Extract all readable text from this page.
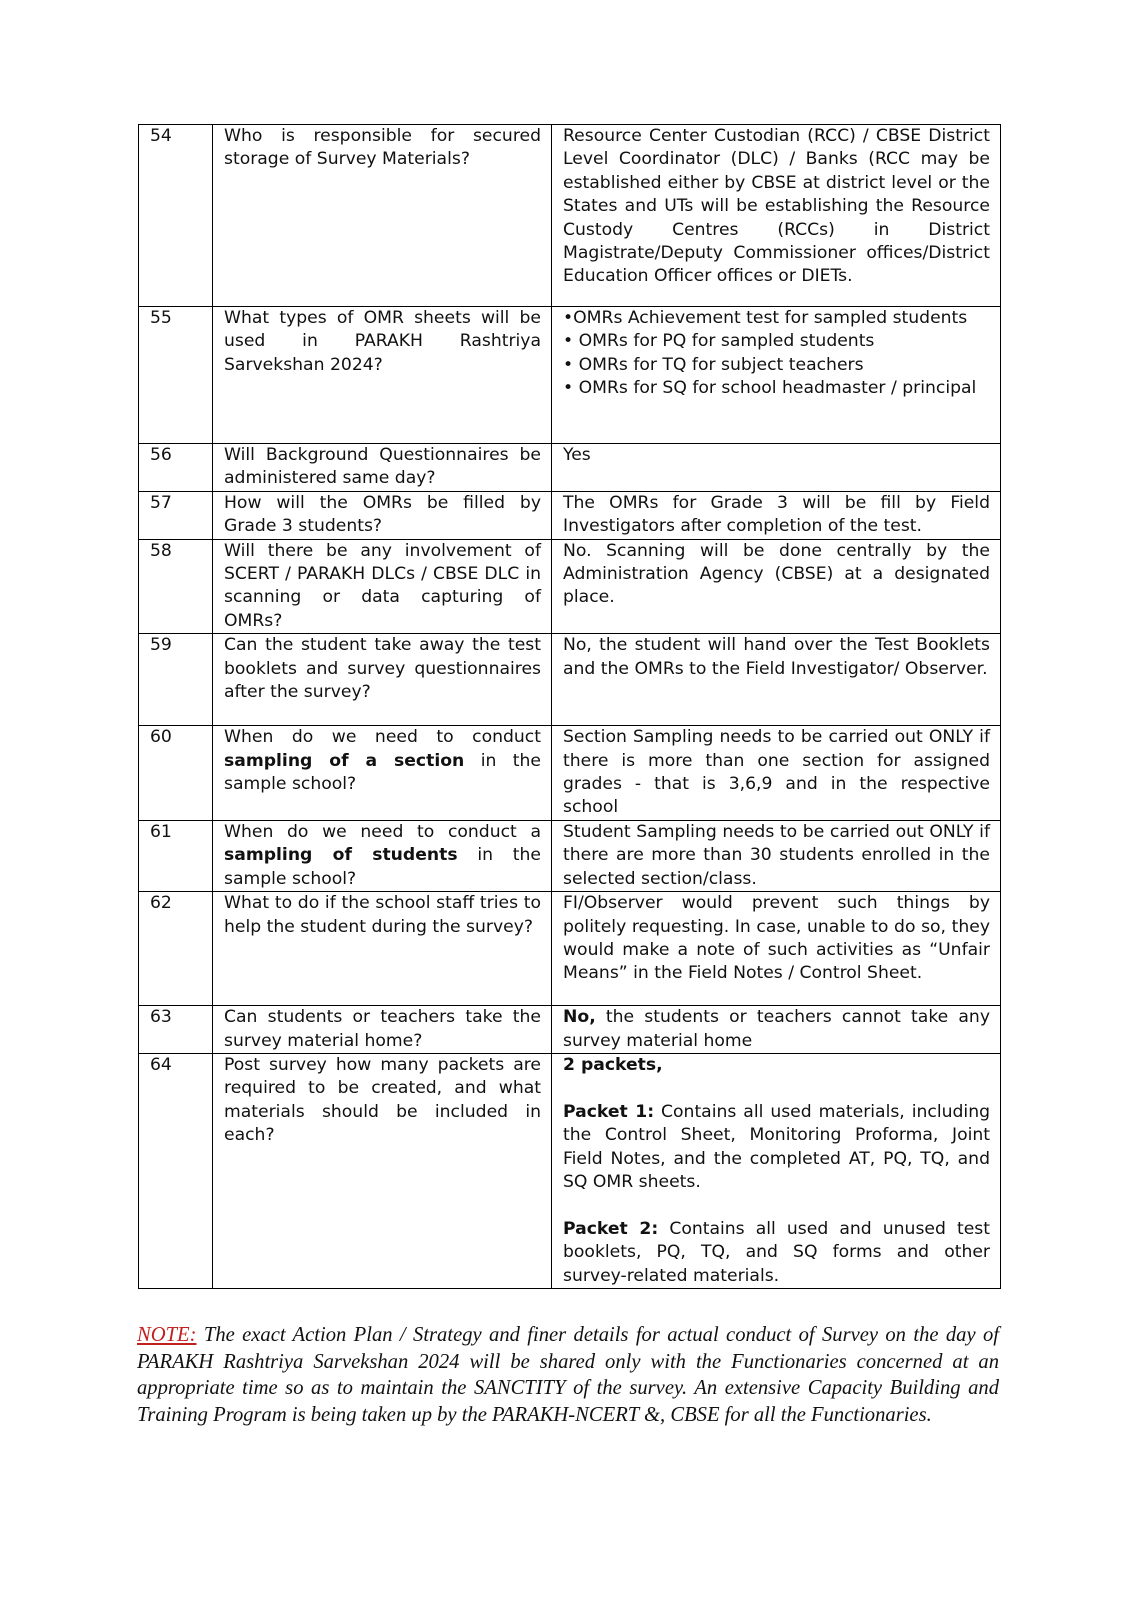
54	Who is responsible for secured storage of Survey Materials?	Resource Center Custodian (RCC) / CBSE District Level Coordinator (DLC) / Banks (RCC may be established either by CBSE at district level or the States and UTs will be establishing the Resource Custody Centres (RCCs) in District Magistrate/Deputy Commissioner offices/District Education Officer offices or DIETs.
55	What types of OMR sheets will be used in PARAKH Rashtriya Sarvekshan 2024?	•OMRs Achievement test for sampled students
• OMRs for PQ for sampled students
• OMRs for TQ for subject teachers
• OMRs for SQ for school headmaster / principal

56	Will Background Questionnaires be administered same day?	Yes
57	How will the OMRs be filled by Grade 3 students?	The OMRs for Grade 3 will be fill by Field Investigators after completion of the test.
58	Will there be any involvement of SCERT / PARAKH DLCs / CBSE DLC in scanning or data capturing of OMRs?	No. Scanning will be done centrally by the Administration Agency (CBSE) at a designated place.
59	Can the student take away the test booklets and survey questionnaires after the survey?	No, the student will hand over the Test Booklets and the OMRs to the Field Investigator/ Observer.
60	When do we need to conduct sampling of a section in the sample school?	Section Sampling needs to be carried out ONLY if there is more than one section for assigned grades - that is 3,6,9 and in the respective school
61	When do we need to conduct a sampling of students in the sample school?	Student Sampling needs to be carried out ONLY if there are more than 30 students enrolled in the selected section/class.
62	What to do if the school staff tries to help the student during the survey?	FI/Observer would prevent such things by politely requesting. In case, unable to do so, they would make a note of such activities as “Unfair Means” in the Field Notes / Control Sheet.
63	Can students or teachers take the survey material home?	No, the students or teachers cannot take any survey material home
64	Post survey how many packets are required to be created, and what materials should be included in each?	2 packets,
Packet 1: Contains all used materials, including the Control Sheet, Monitoring Proforma, Joint Field Notes, and the completed AT, PQ, TQ, and SQ OMR sheets.
Packet 2: Contains all used and unused test booklets, PQ, TQ, and SQ forms and other survey-related materials.

NOTE: The exact Action Plan / Strategy and finer details for actual conduct of Survey on the day of PARAKH Rashtriya Sarvekshan 2024 will be shared only with the Functionaries concerned at an appropriate time so as to maintain the SANCTITY of the survey. An extensive Capacity Building and Training Program is being taken up by the PARAKH-NCERT &, CBSE for all the Functionaries.
